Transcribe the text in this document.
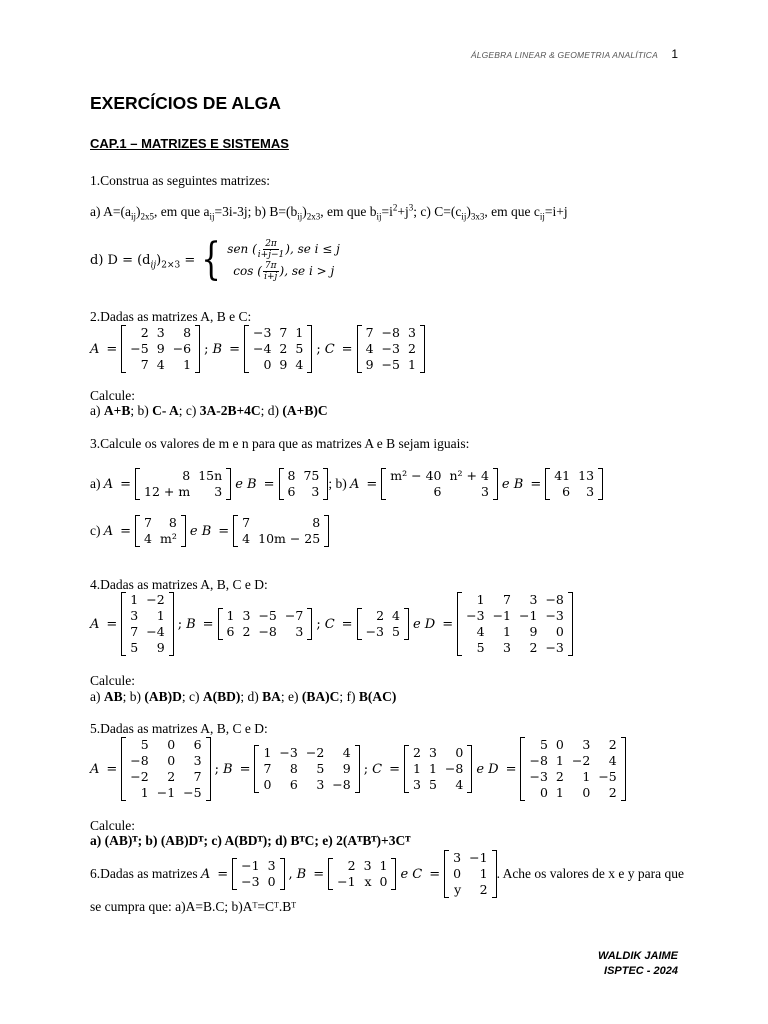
ÁLGEBRA LINEAR & GEOMETRIA ANALÍTICA 1
EXERCÍCIOS DE ALGA
CAP.1 – MATRIZES E SISTEMAS
1.Construa as seguintes matrizes:
a) $A=(a_{ij})_{2x5}$, em que $a_{ij}=3i-3j$; b) $B=(b_{ij})_{2x3}$, em que $b_{ij}=i^2+j^3$; c) $C=(c_{ij})_{3x3}$, em que $c_{ij}=i+j$
d) $D = (d_{ij})_{2\times 3}$ = { sen ( $\frac{2\pi}{i+j-1}$ ) , se i ≤ j
cos ( $\frac{7\pi}{i+j}$ ) , se i > j
2.Dadas as matrizes A, B e C:
A =
2	3	8
−5	9	−6
7	4	1
; B =
−3	7	1
−4	2	5
0	9	4
; C =
7	−8	3
4	−3	2
9	−5	1
Calcule:
a) A+B; b) C- A; c) 3A-2B+4C; d) (A+B)C
3.Calcule os valores de m e n para que as matrizes A e B sejam iguais:
a)
A =
8	15n
12 + m	3 e B =
8	75
6	3
; b)
A =
m² − 40	n² + 4
6	3 e B =
41	13
6	3
c)
A =
7	8
4	m² e B =
7	8
4	10m − 25
4.Dadas as matrizes A, B, C e D:
A =
1	−2
3	1
7	−4
5	9
; B =
1	3	−5	−7
6	2	−8	3 ; C =
2	4
−3	5 e D =
1	7	3	−8
−3	−1	−1	−3
4	1	9	0
5	3	2	−3
Calcule:
a) AB; b) (AB)D; c) A(BD); d) BA; e) (BA)C; f) B(AC)
5.Dadas as matrizes A, B, C e D:
A =
5	0	6
−8	0	3
−2	2	7
1	−1	−5
; B =
1	−3	−2	4
7	8	5	9
0	6	3	−8
; C =
2	3	0
1	1	−8
3	5	4
e D =
5	0	3	2
−8	1	−2	4
−3	2	1	−5
0	1	0	2
Calcule:
a) (AB)ᵀ; b) (AB)Dᵀ; c) A(BDᵀ); d) BᵀC; e) 2(AᵀBᵀ)+3Cᵀ
6.Dadas as matrizes
A =
−1	3
−3	0 , B =
2	3	1
−1	x	0 e C =
3	−1
0	1
y	2
. Ache os valores de x e y para que
se cumpra que: a)A=B.C; b)Aᵀ=Cᵀ.Bᵀ
WALDIK JAIME
ISPTEC - 2024
